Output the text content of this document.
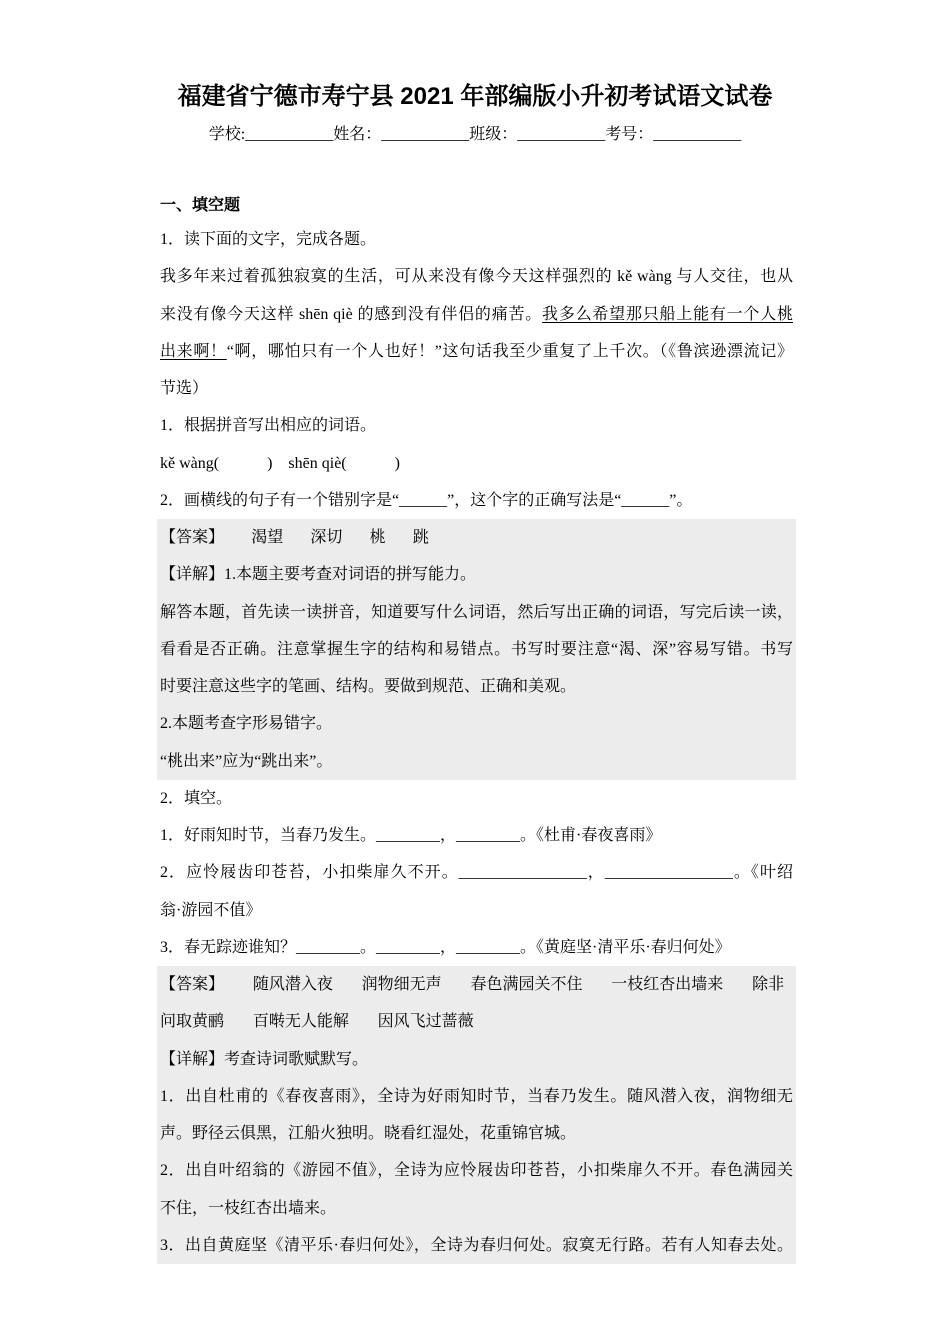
福建省宁德市寿宁县 2021 年部编版小升初考试语文试卷
学校:___________姓名：___________班级：___________考号：___________
一、填空题
1．读下面的文字，完成各题。
我多年来过着孤独寂寞的生活，可从来没有像今天这样强烈的 kě wàng 与人交往，也从
来没有像今天这样 shēn qiè 的感到没有伴侣的痛苦。我多么希望那只船上能有一个人桃
出来啊！“啊，哪怕只有一个人也好！”这句话我至少重复了上千次。（《鲁滨逊漂流记》
节选）
1．根据拼音写出相应的词语。
kě wàng(　　　)　shēn qiè(　　　)
2．画横线的句子有一个错别字是“______”，这个字的正确写法是“______”。
【答案】 渴望 深切 桃 跳
【详解】1.本题主要考查对词语的拼写能力。
解答本题，首先读一读拼音，知道要写什么词语，然后写出正确的词语，写完后读一读，
看看是否正确。注意掌握生字的结构和易错点。书写时要注意“渴、深”容易写错。书写
时要注意这些字的笔画、结构。要做到规范、正确和美观。
2.本题考查字形易错字。
“桃出来”应为“跳出来”。
2．填空。
1．好雨知时节，当春乃发生。________，________。《杜甫·春夜喜雨》
2．应怜屐齿印苍苔，小扣柴扉久不开。________________，________________。《叶绍
翁·游园不值》
3．春无踪迹谁知？________。________，________。《黄庭坚·清平乐·春归何处》
【答案】 随风潜入夜 润物细无声 春色满园关不住 一枝红杏出墙来 除非问取黄鹂 百啭无人能解 因风飞过蔷薇
【详解】考查诗词歌赋默写。
1．出自杜甫的《春夜喜雨》，全诗为好雨知时节，当春乃发生。随风潜入夜，润物细无
声。野径云俱黑，江船火独明。晓看红湿处，花重锦官城。
2．出自叶绍翁的《游园不值》，全诗为应怜屐齿印苍苔，小扣柴扉久不开。春色满园关
不住，一枝红杏出墙来。
3．出自黄庭坚《清平乐·春归何处》，全诗为春归何处。寂寞无行路。若有人知春去处。
